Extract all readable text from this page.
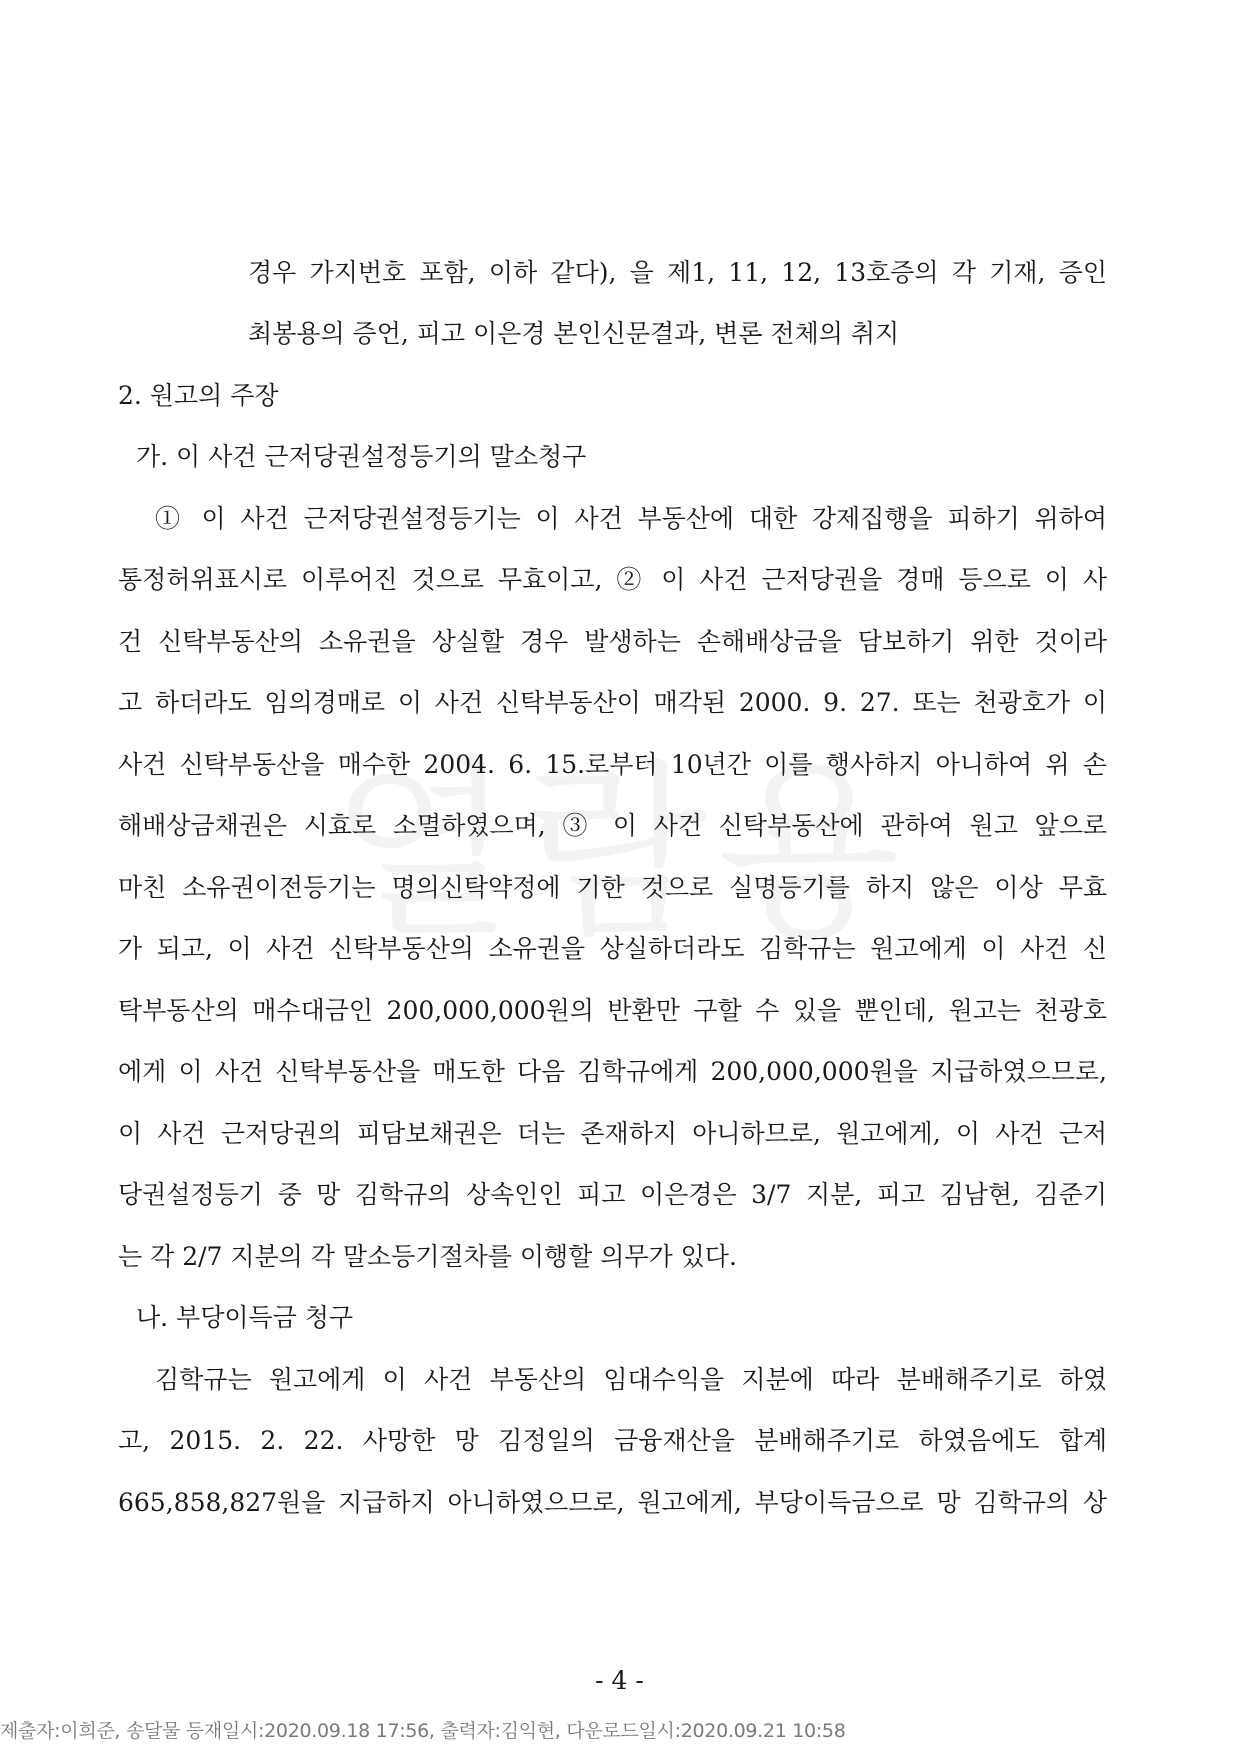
경우 가지번호 포함, 이하 같다), 을 제1, 11, 12, 13호증의 각 기재, 증인
최봉용의 증언, 피고 이은경 본인신문결과, 변론 전체의 취지
2. 원고의 주장
가. 이 사건 근저당권설정등기의 말소청구
① 이 사건 근저당권설정등기는 이 사건 부동산에 대한 강제집행을 피하기 위하여
통정허위표시로 이루어진 것으로 무효이고, ② 이 사건 근저당권을 경매 등으로 이 사
건 신탁부동산의 소유권을 상실할 경우 발생하는 손해배상금을 담보하기 위한 것이라
고 하더라도 임의경매로 이 사건 신탁부동산이 매각된 2000. 9. 27. 또는 천광호가 이
사건 신탁부동산을 매수한 2004. 6. 15.로부터 10년간 이를 행사하지 아니하여 위 손
해배상금채권은 시효로 소멸하였으며, ③ 이 사건 신탁부동산에 관하여 원고 앞으로
마친 소유권이전등기는 명의신탁약정에 기한 것으로 실명등기를 하지 않은 이상 무효
가 되고, 이 사건 신탁부동산의 소유권을 상실하더라도 김학규는 원고에게 이 사건 신
탁부동산의 매수대금인 200,000,000원의 반환만 구할 수 있을 뿐인데, 원고는 천광호
에게 이 사건 신탁부동산을 매도한 다음 김학규에게 200,000,000원을 지급하였으므로,
이 사건 근저당권의 피담보채권은 더는 존재하지 아니하므로, 원고에게, 이 사건 근저
당권설정등기 중 망 김학규의 상속인인 피고 이은경은 3/7 지분, 피고 김남현, 김준기
는 각 2/7 지분의 각 말소등기절차를 이행할 의무가 있다.
나. 부당이득금 청구
김학규는 원고에게 이 사건 부동산의 임대수익을 지분에 따라 분배해주기로 하였
고, 2015. 2. 22. 사망한 망 김정일의 금융재산을 분배해주기로 하였음에도 합계
665,858,827원을 지급하지 아니하였으므로, 원고에게, 부당이득금으로 망 김학규의 상
- 4 -
제출자:이희준, 송달물 등재일시:2020.09.18 17:56, 출력자:김익현, 다운로드일시:2020.09.21 10:58
